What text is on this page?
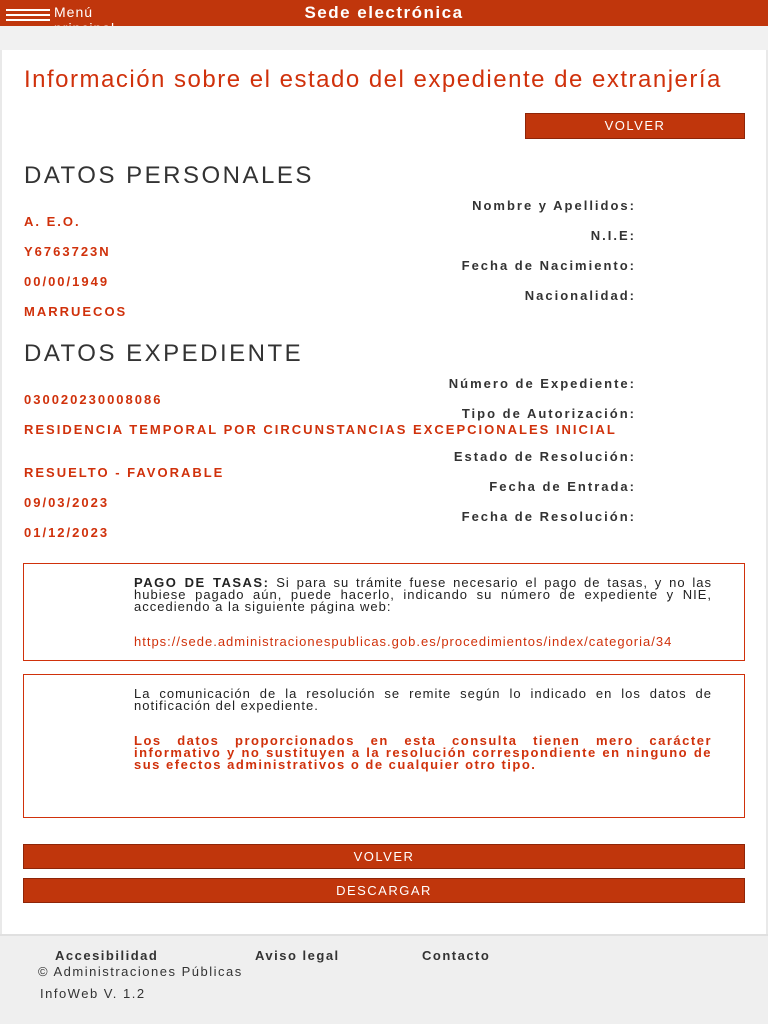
Menú	Sede electrónica
Información sobre el estado del expediente de extranjería
VOLVER
DATOS PERSONALES
Nombre y Apellidos:
A. E.O.
N.I.E:
Y6763723N
Fecha de Nacimiento:
00/00/1949
Nacionalidad:
MARRUECOS
DATOS EXPEDIENTE
Número de Expediente:
030020230008086
Tipo de Autorización:
RESIDENCIA TEMPORAL POR CIRCUNSTANCIAS EXCEPCIONALES INICIAL
Estado de Resolución:
RESUELTO - FAVORABLE
Fecha de Entrada:
09/03/2023
Fecha de Resolución:
01/12/2023
PAGO DE TASAS: Si para su trámite fuese necesario el pago de tasas, y no las hubiese pagado aún, puede hacerlo, indicando su número de expediente y NIE, accediendo a la siguiente página web:
https://sede.administracionespublicas.gob.es/procedimientos/index/categoria/34
La comunicación de la resolución se remite según lo indicado en los datos de notificación del expediente.
Los datos proporcionados en esta consulta tienen mero carácter informativo y no sustituyen a la resolución correspondiente en ninguno de sus efectos administrativos o de cualquier otro tipo.
VOLVER
DESCARGAR
Accesibilidad	Aviso legal	Contacto
© Administraciones Públicas
InfoWeb V. 1.2
